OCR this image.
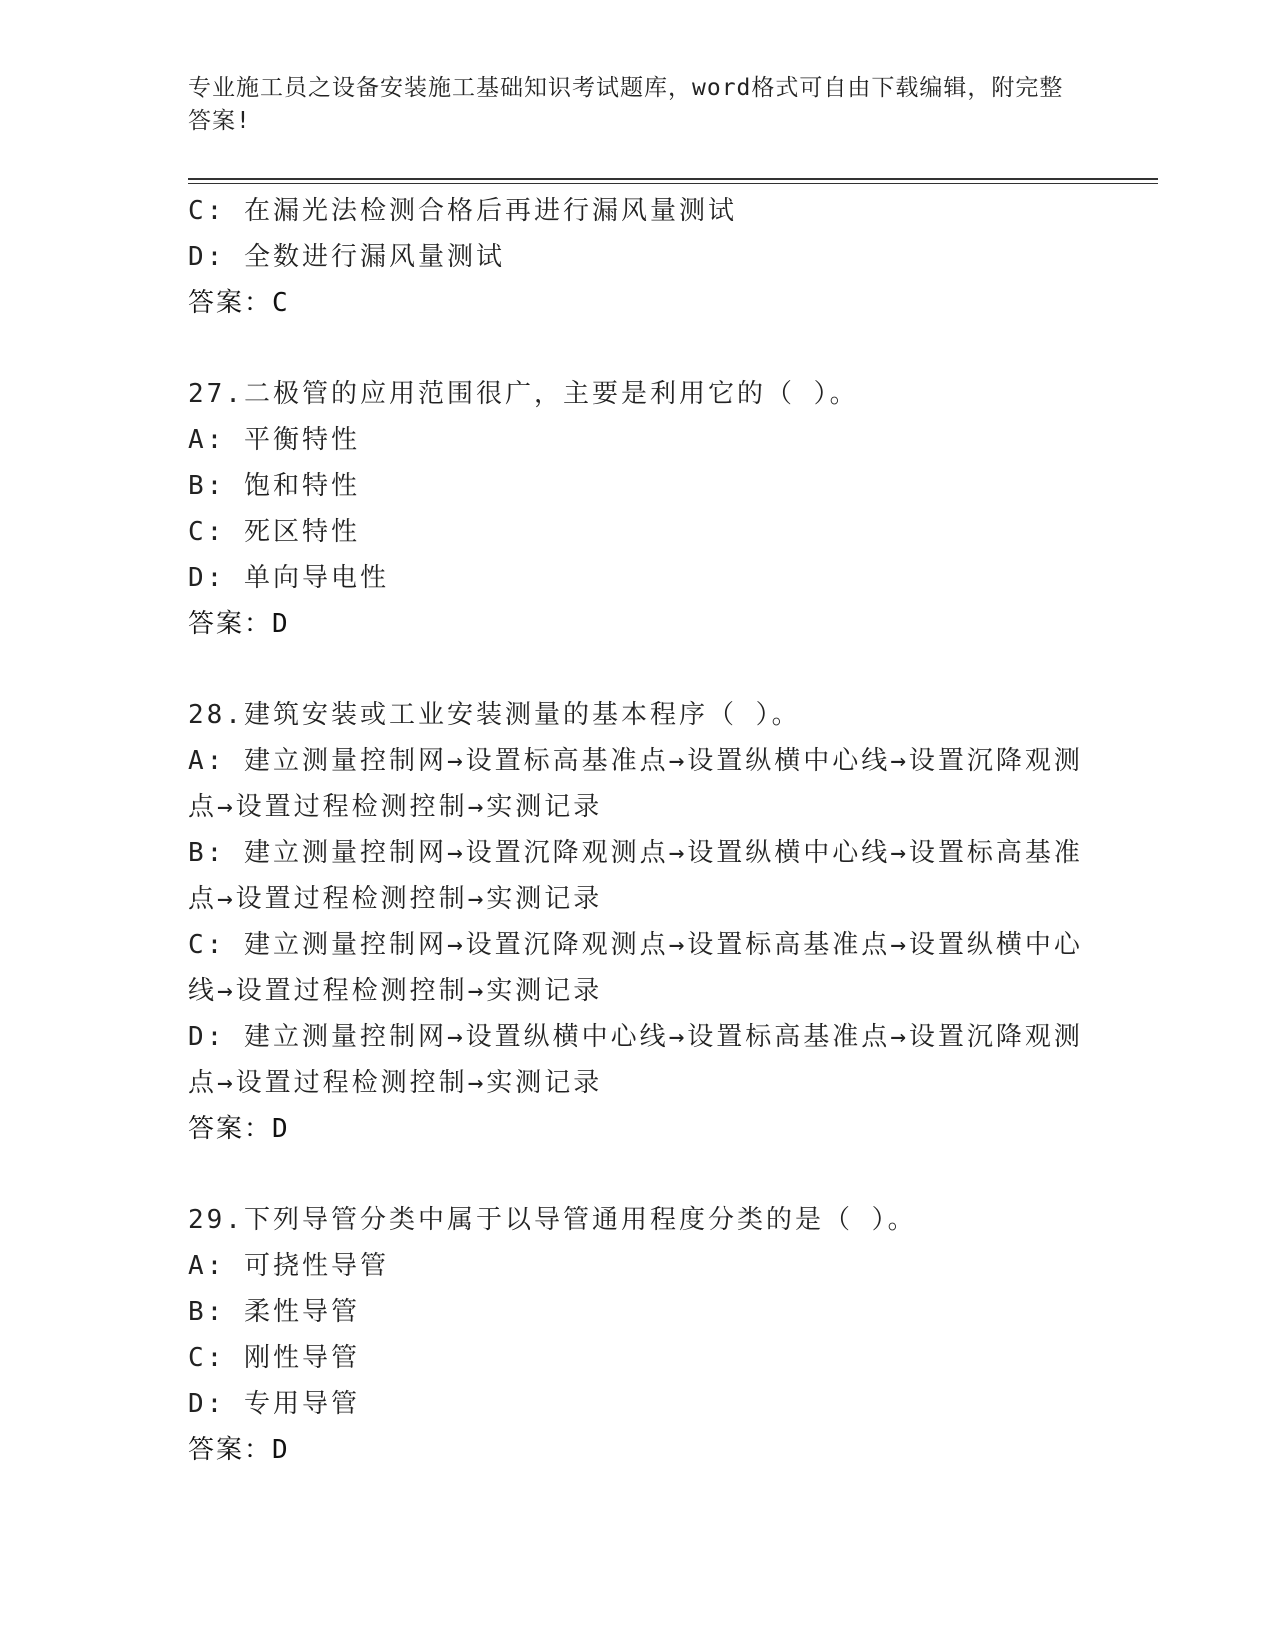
专业施工员之设备安装施工基础知识考试题库，word格式可自由下载编辑，附完整答案!
C: 在漏光法检测合格后再进行漏风量测试
D: 全数进行漏风量测试
答案：C
27.二极管的应用范围很广，主要是利用它的（ ）。
A: 平衡特性
B: 饱和特性
C: 死区特性
D: 单向导电性
答案：D
28.建筑安装或工业安装测量的基本程序（ ）。
A: 建立测量控制网→设置标高基准点→设置纵横中心线→设置沉降观测点→设置过程检测控制→实测记录
B: 建立测量控制网→设置沉降观测点→设置纵横中心线→设置标高基准点→设置过程检测控制→实测记录
C: 建立测量控制网→设置沉降观测点→设置标高基准点→设置纵横中心线→设置过程检测控制→实测记录
D: 建立测量控制网→设置纵横中心线→设置标高基准点→设置沉降观测点→设置过程检测控制→实测记录
答案：D
29.下列导管分类中属于以导管通用程度分类的是（ ）。
A: 可挠性导管
B: 柔性导管
C: 刚性导管
D: 专用导管
答案：D
